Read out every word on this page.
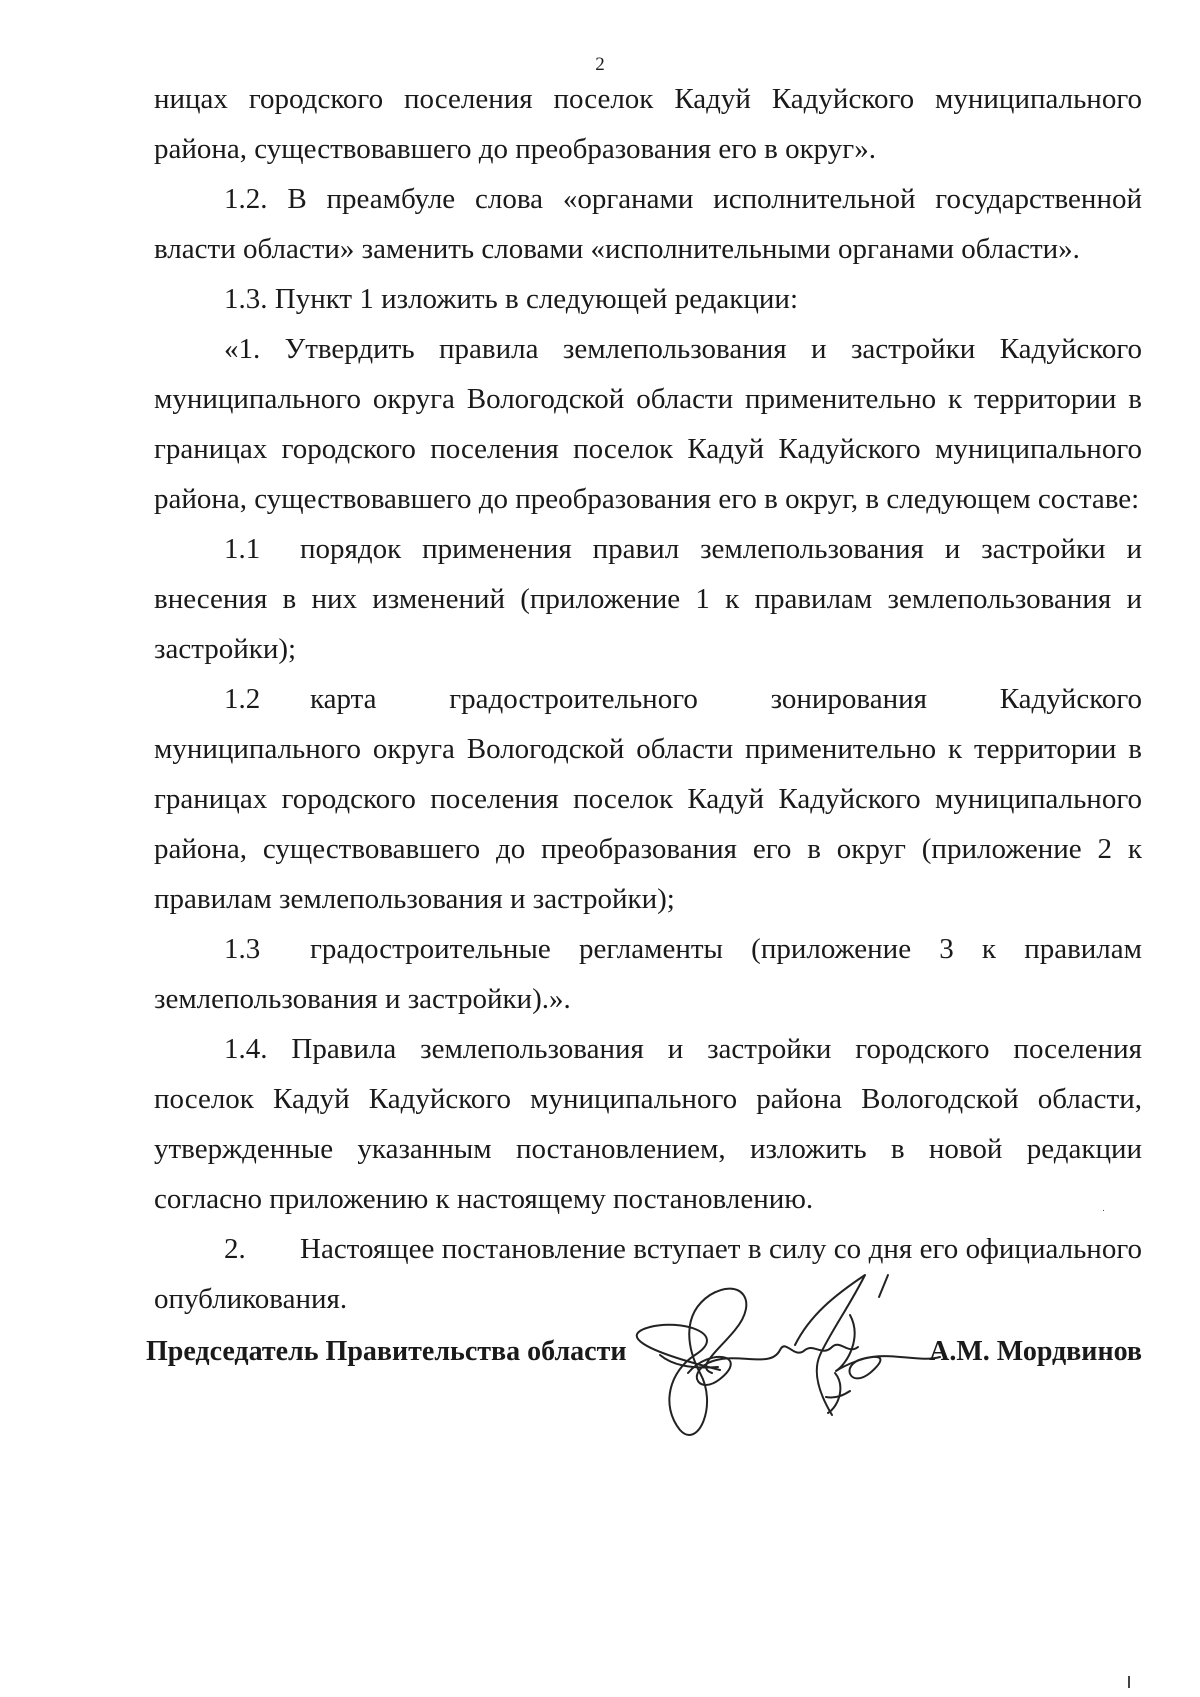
2

ницах городского поселения поселок Кадуй Кадуйского муниципального района, существовавшего до преобразования его в округ».

1.2. В преамбуле слова «органами исполнительной государственной власти области» заменить словами «исполнительными органами области».

1.3. Пункт 1 изложить в следующей редакции:

«1. Утвердить правила землепользования и застройки Кадуйского муниципального округа Вологодской области применительно к территории в границах городского поселения поселок Кадуй Кадуйского муниципального района, существовавшего до преобразования его в округ, в следующем составе:

1.1 порядок применения правил землепользования и застройки и внесения в них изменений (приложение 1 к правилам землепользования и застройки);

1.2 карта градостроительного зонирования Кадуйского муниципального округа Вологодской области применительно к территории в границах городского поселения поселок Кадуй Кадуйского муниципального района, существовавшего до преобразования его в округ (приложение 2 к правилам землепользования и застройки);

1.3 градостроительные регламенты (приложение 3 к правилам землепользования и застройки).».

1.4. Правила землепользования и застройки городского поселения поселок Кадуй Кадуйского муниципального района Вологодской области, утвержденные указанным постановлением, изложить в новой редакции согласно приложению к настоящему постановлению.

2. Настоящее постановление вступает в силу со дня его официального опубликования.

Председатель Правительства области	А.М. Мордвинов
